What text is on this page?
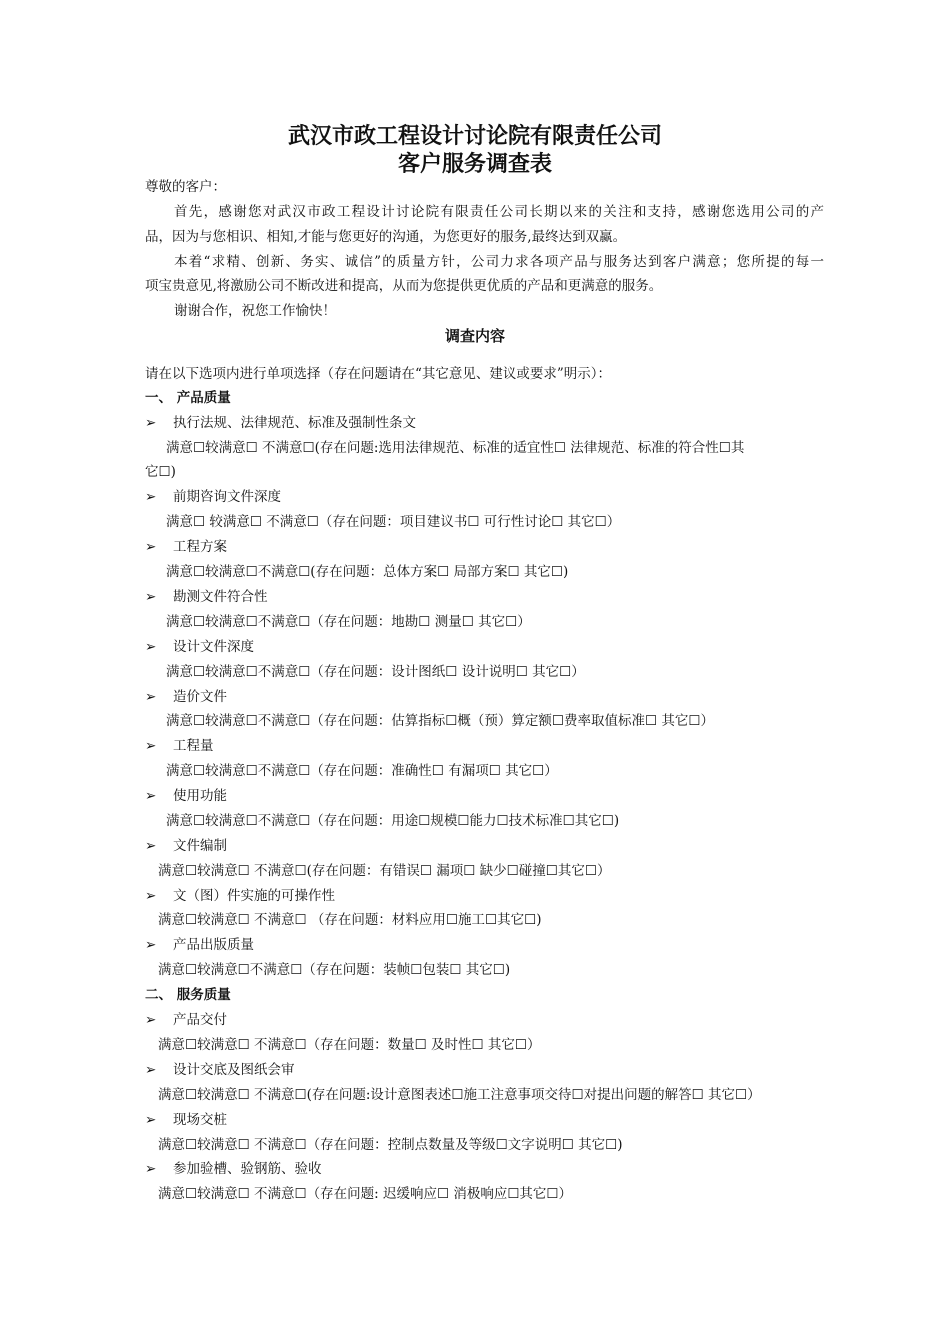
武汉市政工程设计讨论院有限责任公司
客户服务调查表
尊敬的客户：
首先，感谢您对武汉市政工程设计讨论院有限责任公司长期以来的关注和支持，感谢您选用公司的产
品，因为与您相识、相知,才能与您更好的沟通，为您更好的服务,最终达到双赢。
本着“求精、创新、务实、诚信”的质量方针，公司力求各项产品与服务达到客户满意；您所提的每一
项宝贵意见,将激励公司不断改进和提高，从而为您提供更优质的产品和更满意的服务。
谢谢合作，祝您工作愉快！
调查内容
请在以下选项内进行单项选择（存在问题请在“其它意见、建议或要求”明示）：
一、 产品质量
➢ 执行法规、法律规范、标准及强制性条文
满意☐较满意☐ 不满意☐(存在问题:选用法律规范、标准的适宜性☐ 法律规范、标准的符合性☐其
它☐)
➢ 前期咨询文件深度
满意☐ 较满意☐ 不满意☐（存在问题：项目建议书☐ 可行性讨论☐ 其它☐）
➢ 工程方案
满意☐较满意☐不满意☐(存在问题：总体方案☐ 局部方案☐ 其它☐)
➢ 勘测文件符合性
满意☐较满意☐不满意☐（存在问题：地勘☐ 测量☐ 其它☐）
➢ 设计文件深度
满意☐较满意☐不满意☐（存在问题：设计图纸☐ 设计说明☐ 其它☐）
➢ 造价文件
满意☐较满意☐不满意☐（存在问题：估算指标☐概（预）算定额☐费率取值标准☐ 其它☐）
➢ 工程量
满意☐较满意☐不满意☐（存在问题：准确性☐ 有漏项☐ 其它☐）
➢ 使用功能
满意☐较满意☐不满意☐（存在问题：用途☐规模☐能力☐技术标准☐其它☐)
➢ 文件编制
满意☐较满意☐ 不满意☐(存在问题：有错误☐ 漏项☐ 缺少☐碰撞☐其它☐）
➢ 文（图）件实施的可操作性
满意☐较满意☐ 不满意☐ （存在问题：材料应用☐施工☐其它☐)
➢ 产品出版质量
满意☐较满意☐不满意☐（存在问题：装帧☐包装☐ 其它☐)
二、 服务质量
➢ 产品交付
满意☐较满意☐ 不满意☐（存在问题：数量☐ 及时性☐ 其它☐）
➢ 设计交底及图纸会审
满意☐较满意☐ 不满意☐(存在问题:设计意图表述☐施工注意事项交待☐对提出问题的解答☐ 其它☐）
➢ 现场交桩
满意☐较满意☐ 不满意☐（存在问题：控制点数量及等级☐文字说明☐ 其它☐)
➢ 参加验槽、验钢筋、验收
满意☐较满意☐ 不满意☐（存在问题: 迟缓响应☐ 消极响应☐其它☐）
